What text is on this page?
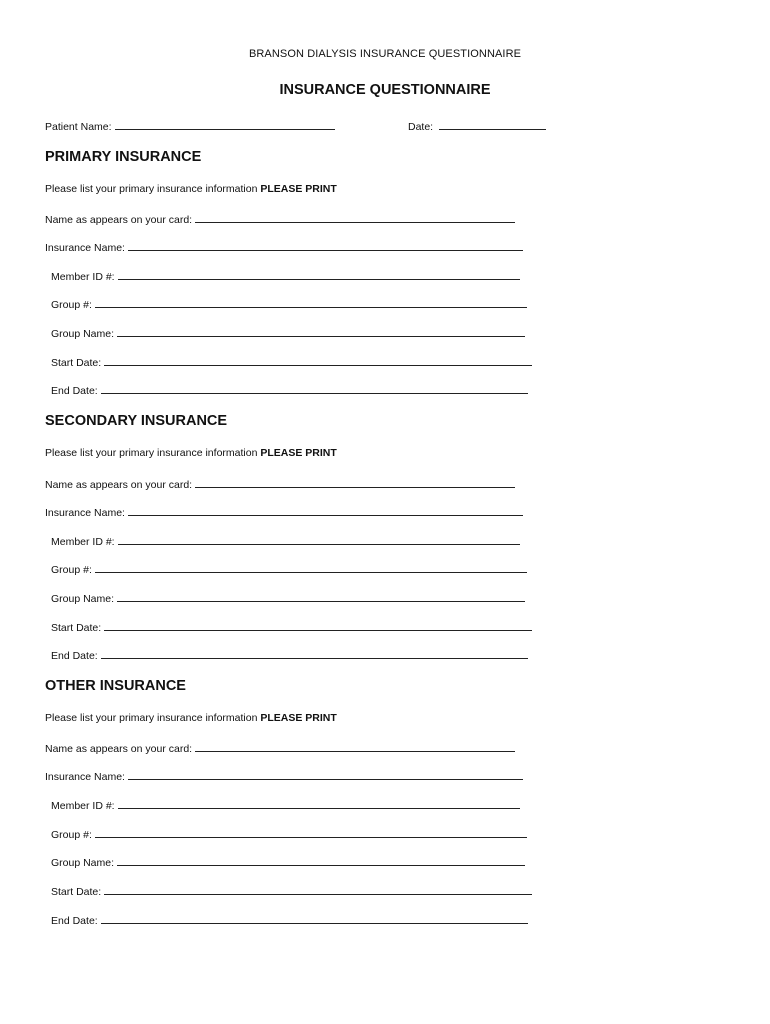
BRANSON DIALYSIS INSURANCE QUESTIONNAIRE
INSURANCE QUESTIONNAIRE
Patient Name:	Date:
PRIMARY INSURANCE
Please list your primary insurance information PLEASE PRINT
Name as appears on your card:
Insurance Name:
Member ID #:
Group #:
Group Name:
Start Date:
End Date:
SECONDARY INSURANCE
Please list your primary insurance information PLEASE PRINT
Name as appears on your card:
Insurance Name:
Member ID #:
Group #:
Group Name:
Start Date:
End Date:
OTHER INSURANCE
Please list your primary insurance information PLEASE PRINT
Name as appears on your card:
Insurance Name:
Member ID #:
Group #:
Group Name:
Start Date:
End Date:
